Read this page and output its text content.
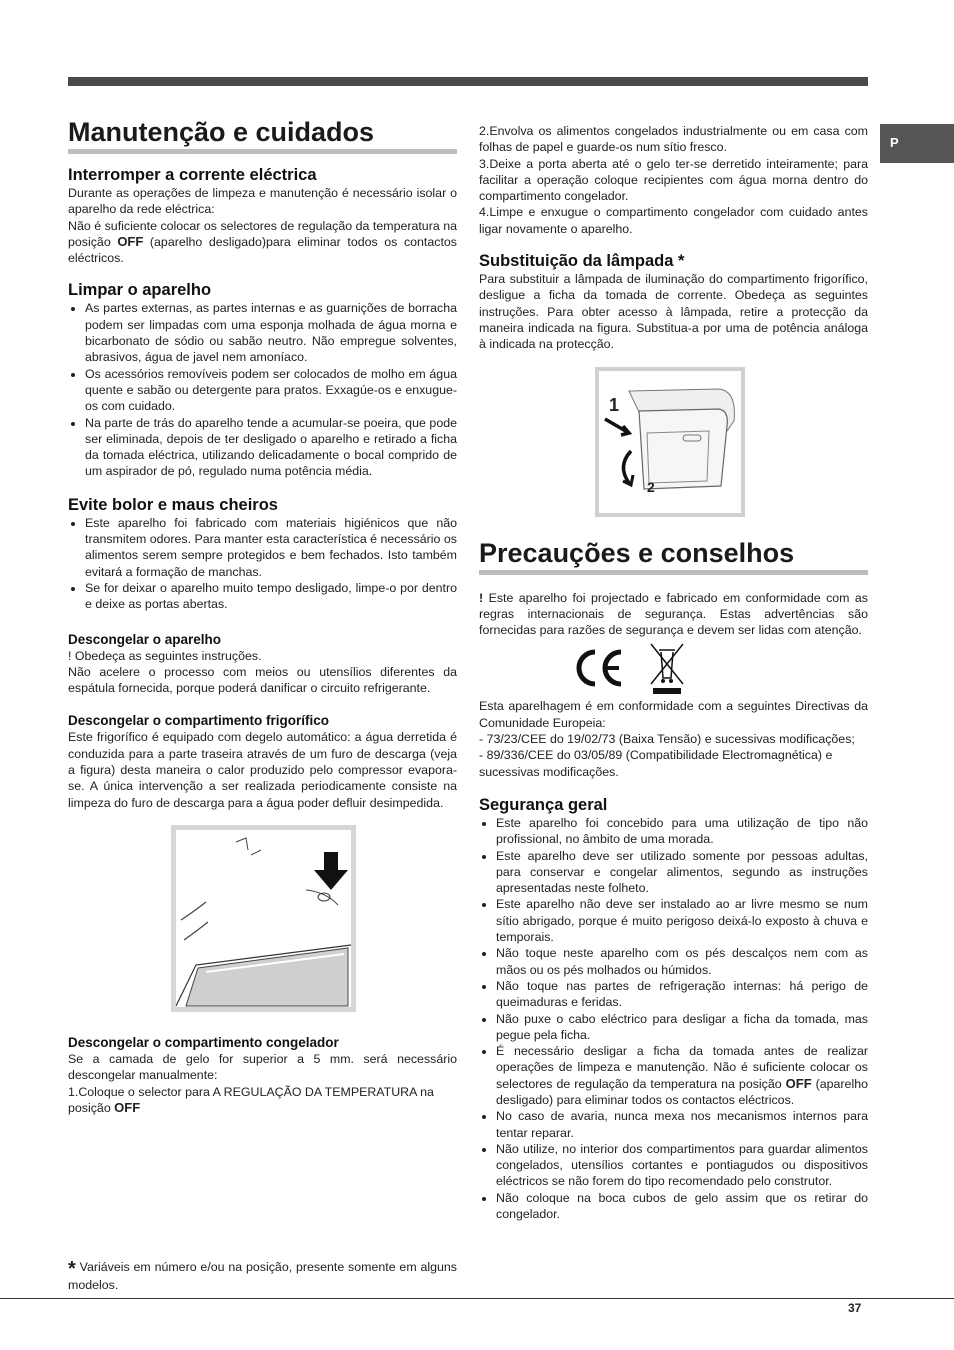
P
Manutenção e cuidados
Interromper a corrente eléctrica

Durante as operações de limpeza e manutenção é necessário isolar o aparelho da rede eléctrica:

Não é suficiente colocar os selectores de regulação da temperatura na posição OFF (aparelho desligado)para eliminar todos os contactos eléctricos.

Limpar o aparelho
• As partes externas, as partes internas e as guarnições de borracha podem ser limpadas com uma esponja molhada de água morna e bicarbonato de sódio ou sabão neutro. Não empregue solventes, abrasivos, água de javel nem amoníaco.
• Os acessórios removíveis podem ser colocados de molho em água quente e sabão ou detergente para pratos. Exxagúe-os e enxugue-os com cuidado.
• Na parte de trás do aparelho tende a acumular-se poeira, que pode ser eliminada, depois de ter desligado o aparelho e retirado a ficha da tomada eléctrica, utilizando delicadamente o bocal comprido de um aspirador de pó, regulado numa potência média.
Evite bolor e maus cheiros
• Este aparelho foi fabricado com materiais higiénicos que não transmitem odores. Para manter esta característica é necessário os alimentos serem sempre protegidos e bem fechados. Isto também evitará a formação de manchas.
• Se for deixar o aparelho muito tempo desligado, limpe-o por dentro e deixe as portas abertas.
Descongelar o aparelho

! Obedeça as seguintes instruções.

Não acelere o processo com meios ou utensílios diferentes da espátula fornecida, porque poderá danificar o circuito refrigerante.

Descongelar o compartimento frigorífico

Este frigorífico é equipado com degelo automático: a água derretida é conduzida para a parte traseira através de um furo de descarga (veja a figura) desta maneira o calor produzido pelo compressor evapora-se. A única intervenção a ser realizada periodicamente consiste na limpeza do furo de descarga para a água poder defluir desimpedida.

Descongelar o compartimento congelador

Se a camada de gelo for superior a 5 mm. será necessário descongelar manualmente:

1.Coloque o selector para A REGULAÇÃO DA TEMPERATURA na posição OFF

* Variáveis em número e/ou na posição, presente somente em alguns modelos.

2.Envolva os alimentos congelados industrialmente ou em casa com folhas de papel e guarde-os num sítio fresco.

3.Deixe a porta aberta até o gelo ter-se derretido inteiramente; para facilitar a operação coloque recipientes com água morna dentro do compartimento congelador.

4.Limpe e enxugue o compartimento congelador com cuidado antes ligar novamente o aparelho.

Substituição da lâmpada *

Para substituir a lâmpada de iluminação do compartimento frigorífico, desligue a ficha da tomada de corrente. Obedeça as seguintes instruções. Para obter acesso à lâmpada, retire a protecção da maneira indicada na figura. Substitua-a por uma de potência análoga à indicada na protecção.

1
2
Precauções e conselhos

! Este aparelho foi projectado e fabricado em conformidade com as regras internacionais de segurança. Estas advertências são fornecidas para razões de segurança e devem ser lidas com atenção.

Esta aparelhagem é em conformidade com a seguintes Directivas da Comunidade Europeia:

- 73/23/CEE do 19/02/73 (Baixa Tensão) e sucessivas modificações;

- 89/336/CEE do 03/05/89 (Compatibilidade Electromagnética) e sucessivas modificações.

Segurança geral
• Este aparelho foi concebido para uma utilização de tipo não profissional, no âmbito de uma morada.
• Este aparelho deve ser utilizado somente por pessoas adultas, para conservar e congelar alimentos, segundo as instruções apresentadas neste folheto.
• Este aparelho não deve ser instalado ao ar livre mesmo se num sítio abrigado, porque é muito perigoso deixá-lo exposto à chuva e temporais.
• Não toque neste aparelho com os pés descalços nem com as mãos ou os pés molhados ou húmidos.
• Não toque nas partes de refrigeração internas: há perigo de queimaduras e feridas.
• Não puxe o cabo eléctrico para desligar a ficha da tomada, mas pegue pela ficha.
• É necessário desligar a ficha da tomada antes de realizar operações de limpeza e manutenção. Não é suficiente colocar os selectores de regulação da temperatura na posição OFF (aparelho desligado) para eliminar todos os contactos eléctricos.
• No caso de avaria, nunca mexa nos mecanismos internos para tentar reparar.
• Não utilize, no interior dos compartimentos para guardar alimentos congelados, utensílios cortantes e pontiagudos ou dispositivos eléctricos se não forem do tipo recomendado pelo construtor.
• Não coloque na boca cubos de gelo assim que os retirar do congelador.
37
